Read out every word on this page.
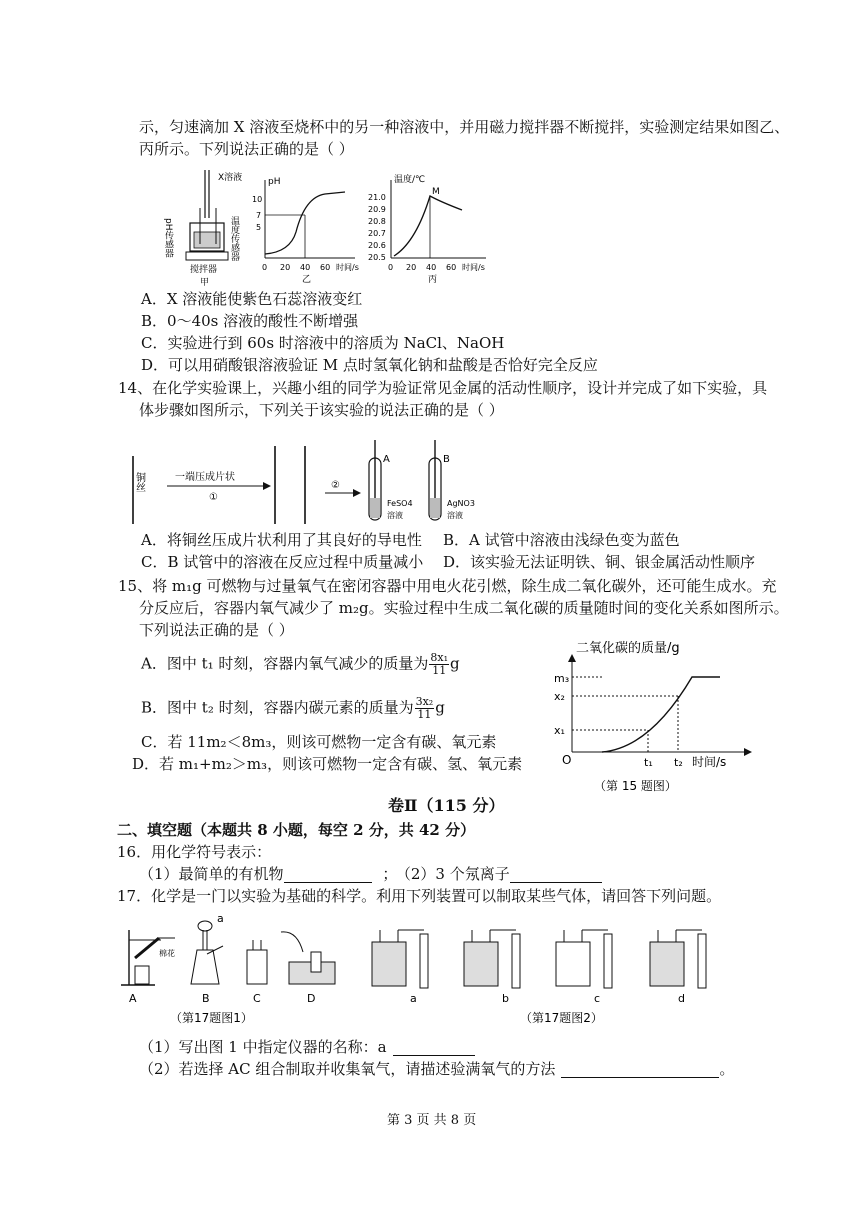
示，匀速滴加 X 溶液至烧杯中的另一种溶液中，并用磁力搅拌器不断搅拌，实验测定结果如图乙、
丙所示。下列说法正确的是（ ）
X溶液
pH传感器	温度传感器
搅拌器
甲
pH
10
7
5
0 20 40 60 时间/s
乙
温度/℃
21.0
20.9
20.8
20.7
20.6
20.5
M
0 20 40 60 时间/s
丙
A．X 溶液能使紫色石蕊溶液变红
B．0～40s 溶液的酸性不断增强
C．实验进行到 60s 时溶液中的溶质为 NaCl、NaOH
D．可以用硝酸银溶液验证 M 点时氢氧化钠和盐酸是否恰好完全反应
14、在化学实验课上，兴趣小组的同学为验证常见金属的活动性顺序，设计并完成了如下实验，具
体步骤如图所示，下列关于该实验的说法正确的是（ ）
铜丝	一端压成片状
①
②
A
FeSO4
溶液
B
AgNO3
溶液
A．将铜丝压成片状利用了其良好的导电性 B．A 试管中溶液由浅绿色变为蓝色
C．B 试管中的溶液在反应过程中质量减小 D．该实验无法证明铁、铜、银金属活动性顺序
15、将 m₁g 可燃物与过量氧气在密闭容器中用电火花引燃，除生成二氧化碳外，还可能生成水。充
分反应后，容器内氧气减少了 m₂g。实验过程中生成二氧化碳的质量随时间的变化关系如图所示。
下列说法正确的是（ ）
A．图中 t₁ 时刻，容器内氧气减少的质量为 $\frac{\text{8x₁}}{11}$ g
B．图中 t₂ 时刻，容器内碳元素的质量为 $\frac{\text{3x₂}}{11}$ g
C．若 11m₂＜8m₃，则该可燃物一定含有碳、氧元素
D．若 m₁+m₂＞m₃，则该可燃物一定含有碳、氢、氧元素
二氧化碳的质量/g
m₃
x₂
x₁
O	t₁ t₂ 时间/s
（第 15 题图）
卷Ⅱ（115 分）
二、填空题（本题共 8 小题，每空 2 分，共 42 分）
16．用化学符号表示：
（1）最简单的有机物	； （2）3 个氖离子
17．化学是一门以实验为基础的科学。利用下列装置可以制取某些气体，请回答下列问题。
棉花
a
A	B	C	D
（第17题图1）
a	b	c	d
（第17题图2）
（1）写出图 1 中指定仪器的名称：a
（2）若选择 AC 组合制取并收集氧气，请描述验满氧气的方法	。
第 3 页 共 8 页
